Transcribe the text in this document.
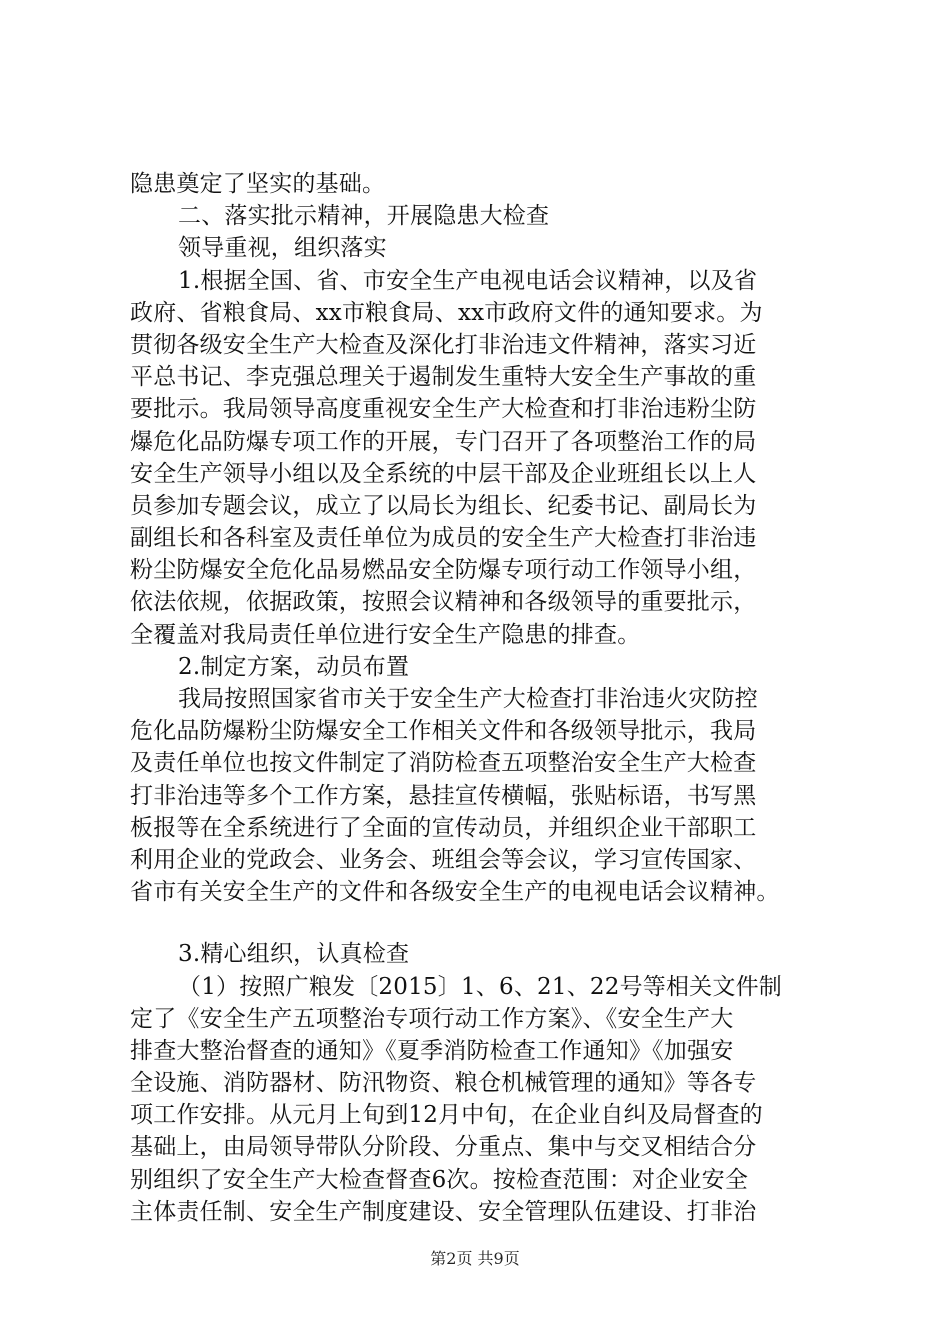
隐患奠定了坚实的基础。
二、落实批示精神，开展隐患大检查
领导重视，组织落实
1.根据全国、省、市安全生产电视电话会议精神，以及省
政府、省粮食局、xx市粮食局、xx市政府文件的通知要求。为
贯彻各级安全生产大检查及深化打非治违文件精神，落实习近
平总书记、李克强总理关于遏制发生重特大安全生产事故的重
要批示。我局领导高度重视安全生产大检查和打非治违粉尘防
爆危化品防爆专项工作的开展，专门召开了各项整治工作的局
安全生产领导小组以及全系统的中层干部及企业班组长以上人
员参加专题会议，成立了以局长为组长、纪委书记、副局长为
副组长和各科室及责任单位为成员的安全生产大检查打非治违
粉尘防爆安全危化品易燃品安全防爆专项行动工作领导小组，
依法依规，依据政策，按照会议精神和各级领导的重要批示，
全覆盖对我局责任单位进行安全生产隐患的排查。
2.制定方案，动员布置
我局按照国家省市关于安全生产大检查打非治违火灾防控
危化品防爆粉尘防爆安全工作相关文件和各级领导批示，我局
及责任单位也按文件制定了消防检查五项整治安全生产大检查
打非治违等多个工作方案，悬挂宣传横幅，张贴标语，书写黑
板报等在全系统进行了全面的宣传动员，并组织企业干部职工
利用企业的党政会、业务会、班组会等会议，学习宣传国家、
省市有关安全生产的文件和各级安全生产的电视电话会议精神。
3.精心组织，认真检查
（1）按照广粮发〔2015〕1、6、21、22号等相关文件制
定了《安全生产五项整治专项行动工作方案》、《安全生产大
排查大整治督查的通知》《夏季消防检查工作通知》《加强安
全设施、消防器材、防汛物资、粮仓机械管理的通知》等各专
项工作安排。从元月上旬到12月中旬，在企业自纠及局督查的
基础上，由局领导带队分阶段、分重点、集中与交叉相结合分
别组织了安全生产大检查督查6次。按检查范围：对企业安全
主体责任制、安全生产制度建设、安全管理队伍建设、打非治
第2页 共9页
